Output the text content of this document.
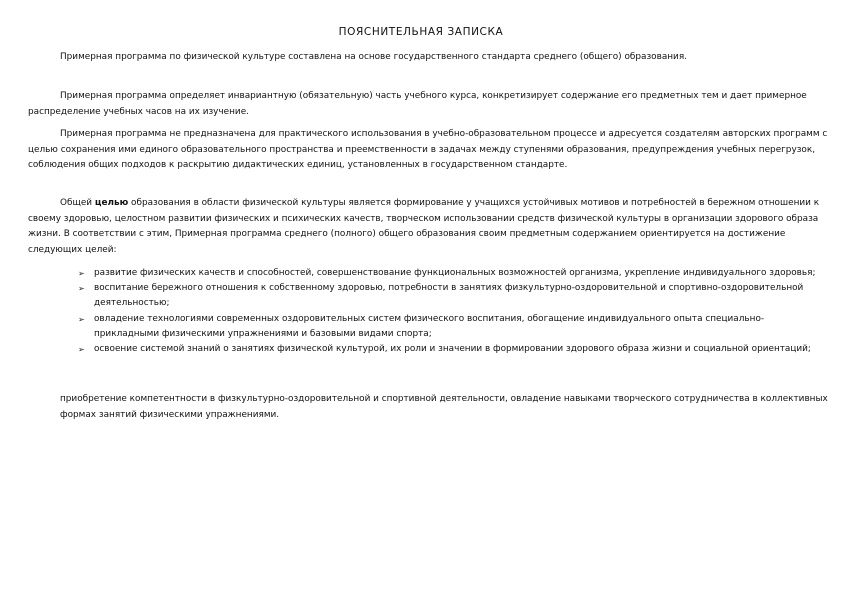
ПОЯСНИТЕЛЬНАЯ ЗАПИСКА

Примерная программа по физической культуре составлена на основе государственного стандарта среднего (общего) образования.

Примерная программа определяет инвариантную (обязательную) часть учебного курса, конкретизирует содержание его предметных тем и дает примерное распределение учебных часов на их изучение.

Примерная программа не предназначена для практического использования в учебно-образовательном процессе и адресуется создателям авторских программ с целью сохранения ими единого образовательного пространства и преемственности в задачах между ступенями образования, предупреждения учебных перегрузок, соблюдения общих подходов к раскрытию дидактических единиц, установленных в государственном стандарте.

Общей целью образования в области физической культуры является формирование у учащихся устойчивых мотивов и потребностей в бережном отношении к своему здоровью, целостном развитии физических и психических качеств, творческом использовании средств физической культуры в организации здорового образа жизни. В соответствии с этим, Примерная программа среднего (полного) общего образования своим предметным содержанием ориентируется на достижение следующих целей:

➢ развитие физических качеств и способностей, совершенствование функциональных возможностей организма, укрепление индивидуального здоровья;
➢ воспитание бережного отношения к собственному здоровью, потребности в занятиях физкультурно-оздоровительной и спортивно-оздоровительной деятельностью;
➢ овладение технологиями современных оздоровительных систем физического воспитания, обогащение индивидуального опыта специально-прикладными физическими упражнениями и базовыми видами спорта;
➢ освоение системой знаний о занятиях физической культурой, их роли и значении в формировании здорового образа жизни и социальной ориентаций;

приобретение компетентности в физкультурно-оздоровительной и спортивной деятельности, овладение навыками творческого сотрудничества в коллективных формах занятий физическими упражнениями.
